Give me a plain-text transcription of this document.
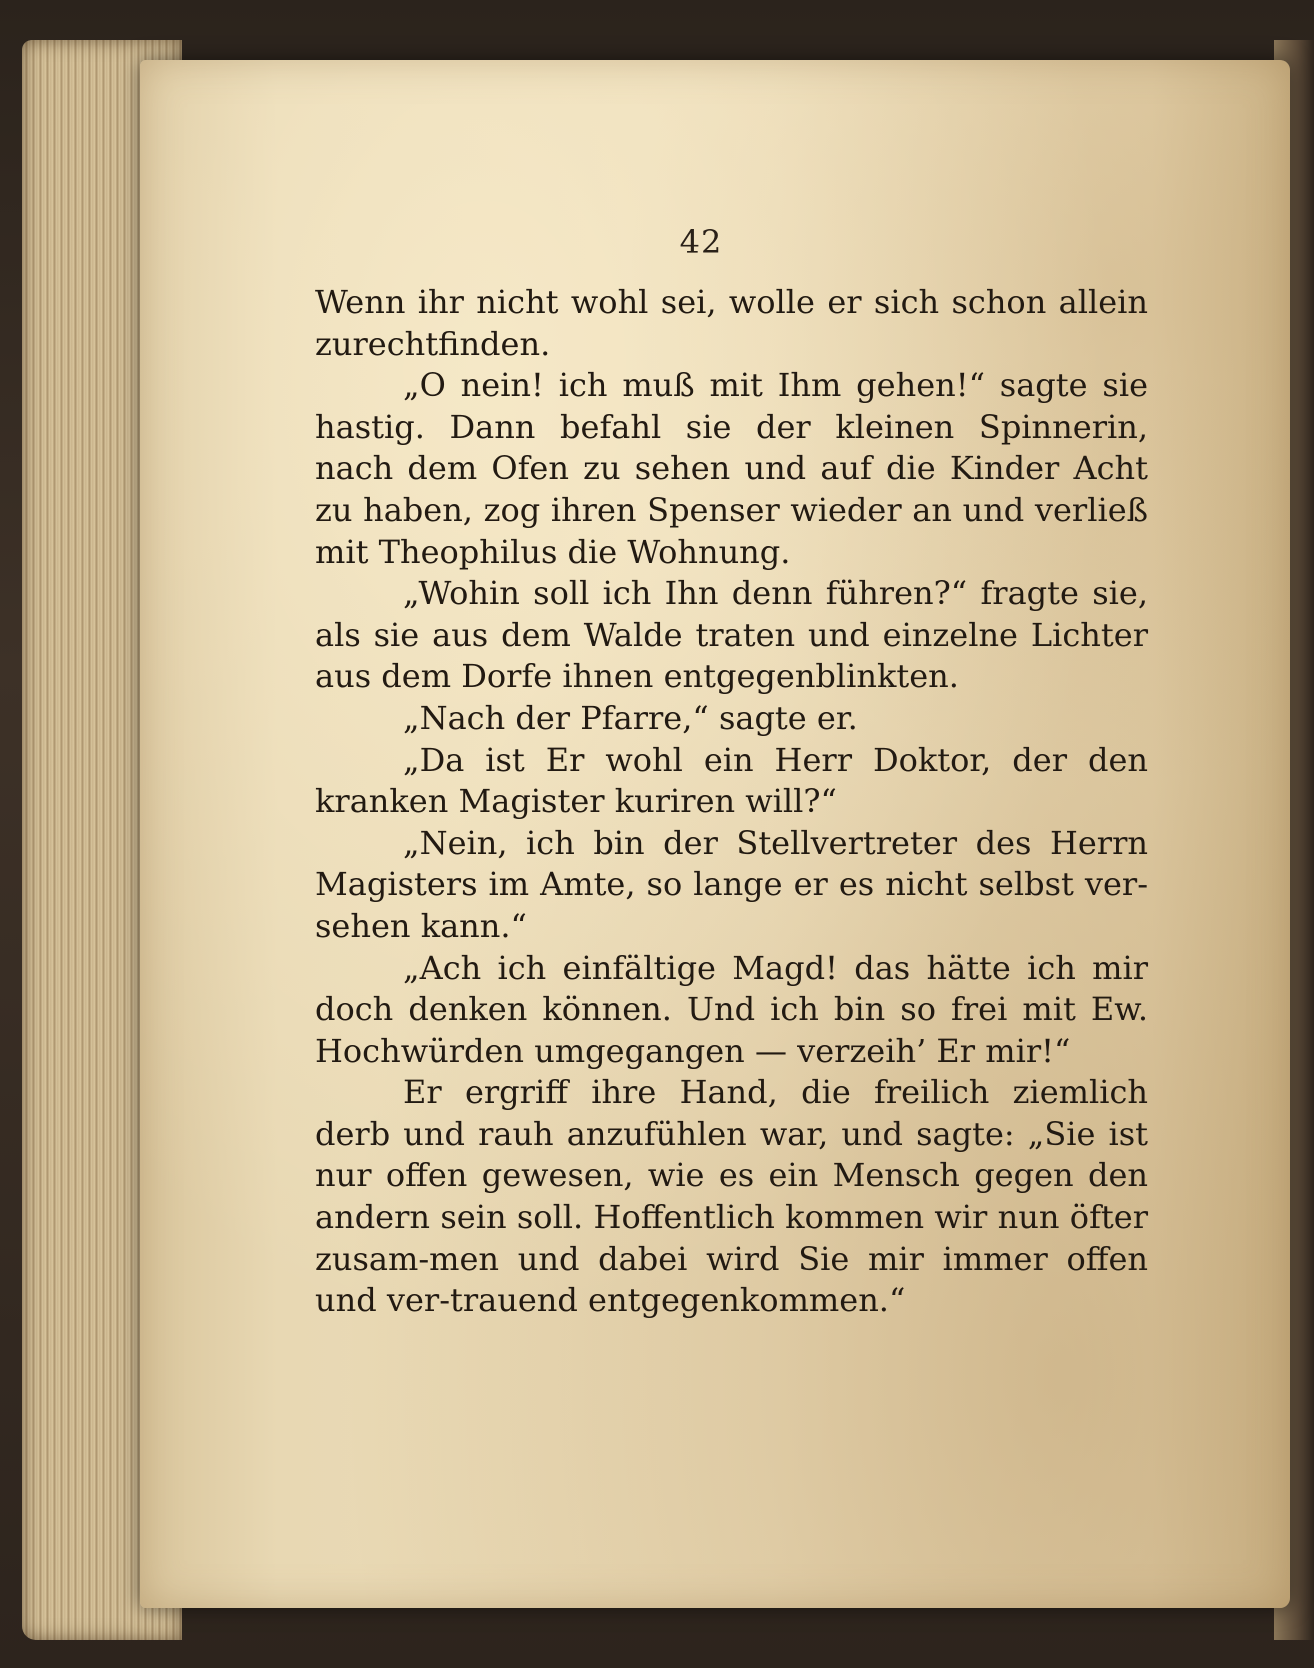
42

Wenn ihr nicht wohl sei, wolle er sich schon allein zurechtfinden.

„O nein! ich muß mit Ihm gehen!“ sagte sie hastig. Dann befahl sie der kleinen Spinnerin, nach dem Ofen zu sehen und auf die Kinder Acht zu haben, zog ihren Spenser wieder an und verließ mit Theophilus die Wohnung.

„Wohin soll ich Ihn denn führen?“ fragte sie, als sie aus dem Walde traten und einzelne Lichter aus dem Dorfe ihnen entgegenblinkten.

„Nach der Pfarre,“ sagte er.

„Da ist Er wohl ein Herr Doktor, der den kranken Magister kuriren will?“

„Nein, ich bin der Stellvertreter des Herrn Magisters im Amte, so lange er es nicht selbst ver-sehen kann.“

„Ach ich einfältige Magd! das hätte ich mir doch denken können. Und ich bin so frei mit Ew. Hochwürden umgegangen — verzeih’ Er mir!“

Er ergriff ihre Hand, die freilich ziemlich derb und rauh anzufühlen war, und sagte: „Sie ist nur offen gewesen, wie es ein Mensch gegen den andern sein soll. Hoffentlich kommen wir nun öfter zusam-men und dabei wird Sie mir immer offen und ver-trauend entgegenkommen.“
